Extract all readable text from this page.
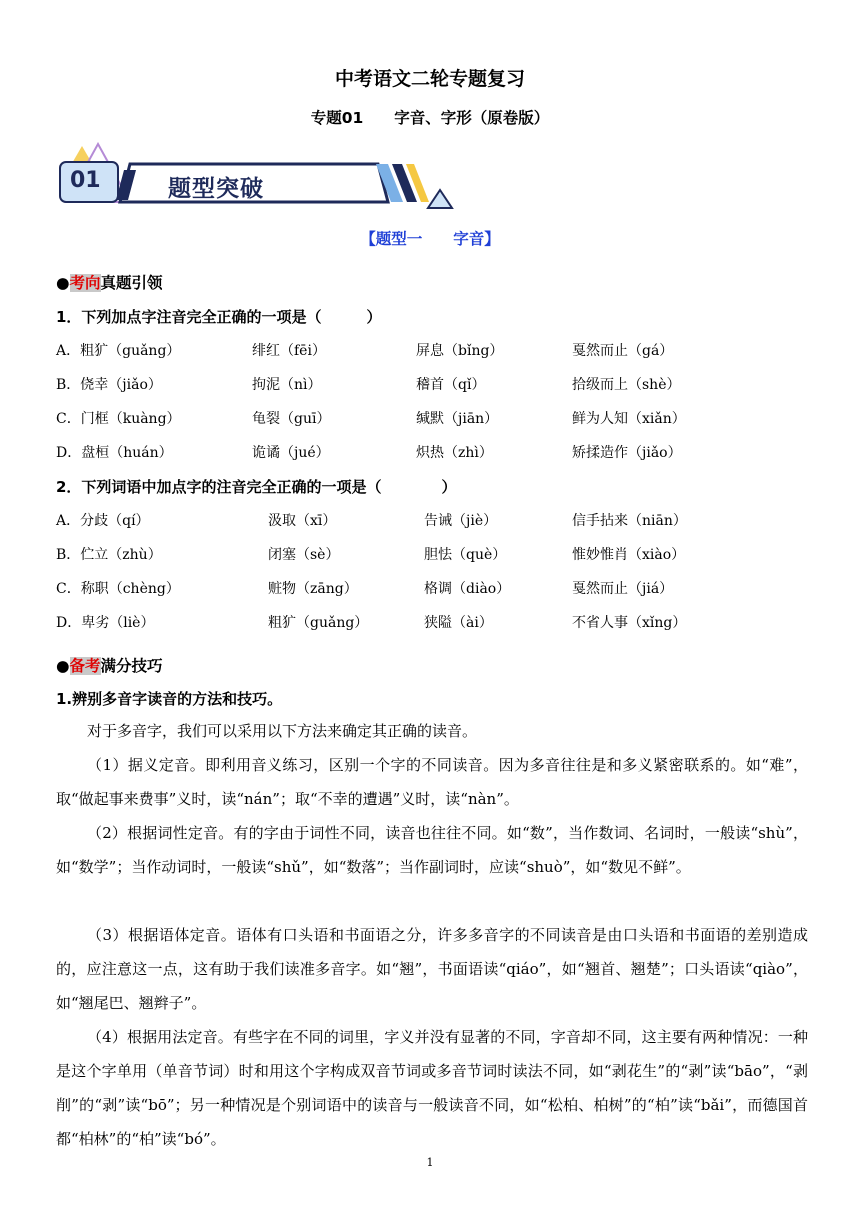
中考语文二轮专题复习
专题01　　字音、字形（原卷版）
01	题型突破
【题型一　　字音】
●考向真题引领
1．下列加点字注音完全正确的一项是（　　　）
A．粗犷（guǎng）	绯红（fēi）	屏息（bǐng）	戛然而止（gá）
B．侥幸（jiǎo）	拘泥（nì）	稽首（qǐ）	拾级而上（shè）
C．门框（kuàng）	龟裂（guī）	缄默（jiān）	鲜为人知（xiǎn）
D．盘桓（huán）	诡谲（jué）	炽热（zhì）	矫揉造作（jiǎo）
2．下列词语中加点字的注音完全正确的一项是（　　　　）
A．分歧（qí）	汲取（xī）	告诫（jiè）	信手拈来（niān）
B．伫立（zhù）	闭塞（sè）	胆怯（què）	惟妙惟肖（xiào）
C．称职（chèng）	赃物（zāng）	格调（diào）	戛然而止（jiá）
D．卑劣（liè）	粗犷（guǎng）	狭隘（ài）	不省人事（xǐng）
●备考满分技巧
1.辨别多音字读音的方法和技巧。
对于多音字，我们可以采用以下方法来确定其正确的读音。
（1）据义定音。即利用音义练习，区别一个字的不同读音。因为多音往往是和多义紧密联系的。如“难”，取“做起事来费事”义时，读“nán”；取“不幸的遭遇”义时，读“nàn”。
（2）根据词性定音。有的字由于词性不同，读音也往往不同。如“数”，当作数词、名词时，一般读“shù”，如“数学”；当作动词时，一般读“shǔ”，如“数落”；当作副词时，应读“shuò”，如“数见不鲜”。
（3）根据语体定音。语体有口头语和书面语之分，许多多音字的不同读音是由口头语和书面语的差别造成的，应注意这一点，这有助于我们读准多音字。如“翘”，书面语读“qiáo”，如“翘首、翘楚”；口头语读“qiào”，如“翘尾巴、翘辫子”。
（4）根据用法定音。有些字在不同的词里，字义并没有显著的不同，字音却不同，这主要有两种情况：一种是这个字单用（单音节词）时和用这个字构成双音节词或多音节词时读法不同，如“剥花生”的“剥”读“bāo”，“剥削”的“剥”读“bō”；另一种情况是个别词语中的读音与一般读音不同，如“松柏、柏树”的“柏”读“bǎi”，而德国首都“柏林”的“柏”读“bó”。
1
